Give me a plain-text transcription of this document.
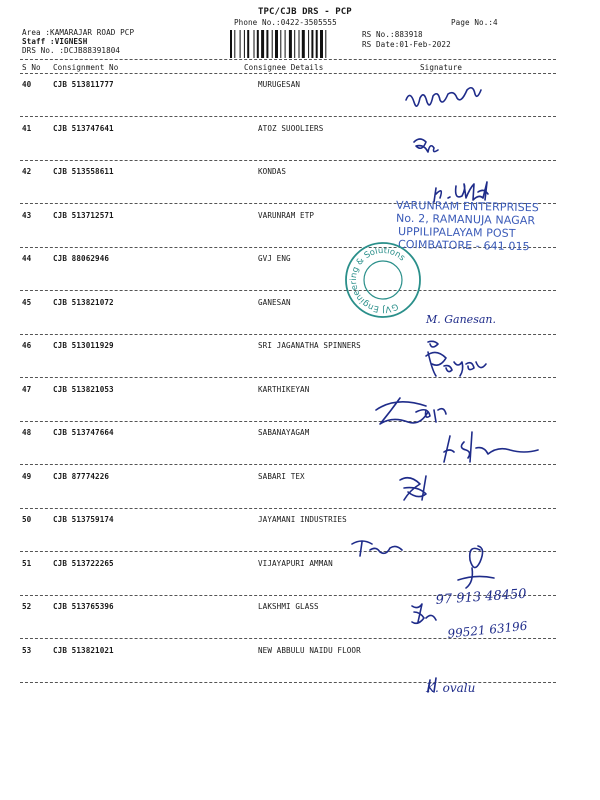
TPC/CJB DRS - PCP
Phone No.:0422-3505555	Page No.:4
Area :KAMARAJAR ROAD PCP
Staff :VIGNESH
DRS No. :DCJB88391804
RS No.:883918
RS Date:01-Feb-2022
S No Consignment No	Consignee Details	Signature
40	CJB 513811777	MURUGESAN
41	CJB 513747641	ATOZ SUOOLIERS
42	CJB 513558611	KONDAS
43	CJB 513712571	VARUNRAM ETP
44	CJB 88062946	GVJ ENG
45	CJB 513821072	GANESAN
46	CJB 513011929	SRI JAGANATHA SPINNERS
47	CJB 513821053	KARTHIKEYAN
48	CJB 513747664	SABANAYAGAM
49	CJB 87774226	SABARI TEX
50	CJB 513759174	JAYAMANI INDUSTRIES
51	CJB 513722265	VIJAYAPURI AMMAN
52	CJB 513765396	LAKSHMI GLASS
53	CJB 513821021	NEW ABBULU NAIDU FLOOR
VARUNRAM ENTERPRISES
No. 2, RAMANUJA NAGAR
UPPILIPALAYAM POST
COIMBATORE - 641 015
GVJ Engineering & Solutions
M. Ganesan.
97 913 48450
99521 63196
K. ovalu
